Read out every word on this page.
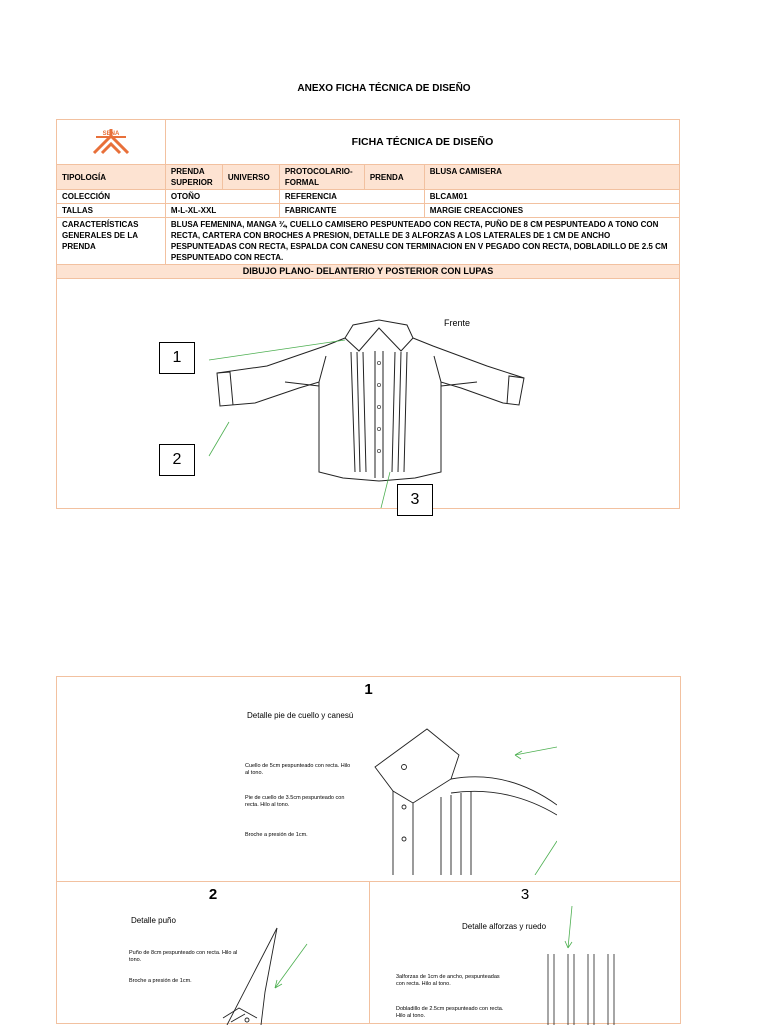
ANEXO FICHA TÉCNICA DE DISEÑO
SENA	FICHA TÉCNICA DE DISEÑO				
TIPOLOGÍA	PRENDA SUPERIOR	UNIVERSO	PROTOCOLARIO-FORMAL	PRENDA	BLUSA CAMISERA
COLECCIÓN	OTOÑO		REFERENCIA		BLCAM01
TALLAS	M-L-XL-XXL		FABRICANTE		MARGIE CREACCIONES
CARACTERÍSTICAS GENERALES DE LA PRENDA	BLUSA FEMENINA, MANGA ¾, CUELLO CAMISERO PESPUNTEADO CON RECTA, PUÑO DE 8 CM PESPUNTEADO A TONO CON RECTA, CARTERA CON BROCHES A PRESION, DETALLE DE 3 ALFORZAS A LOS LATERALES DE 1 CM DE ANCHO PESPUNTEADAS CON RECTA, ESPALDA CON CANESU CON TERMINACION EN V PEGADO CON RECTA, DOBLADILLO DE 2.5 CM PESPUNTEADO CON RECTA.				
DIBUJO PLANO- DELANTERIO Y POSTERIOR CON LUPAS					
Frente
1
2
3
1
Detalle pie de cuello y canesú
Cuello de 5cm pespunteado con recta. Hilo al tono.
Pie de cuello de 3.5cm pespunteado con recta. Hilo al tono.
Broche a presión de 1cm.
2
Detalle puño
Puño de 8cm pespunteado con recta. Hilo al tono.
Broche a presión de 1cm.
3
Detalle alforzas y ruedo
3alforzas de 1cm de ancho, pespunteadas con recta. Hilo al tono.
Dobladillo de 2.5cm pespunteado con recta. Hilo al tono.
